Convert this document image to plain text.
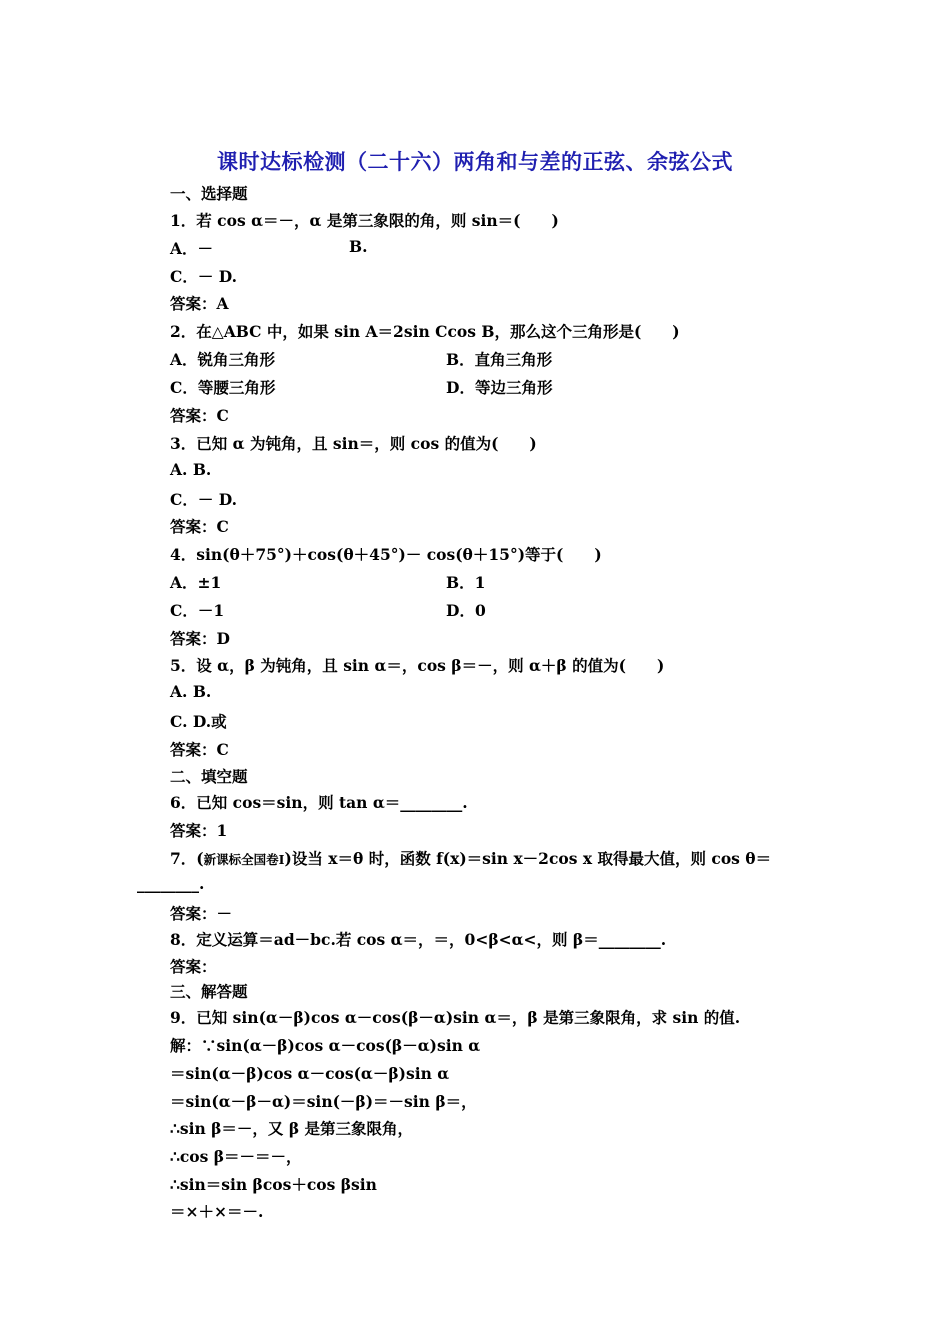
课时达标检测（二十六）两角和与差的正弦、余弦公式
一、选择题
1．若 cos α＝－，α 是第三象限的角，则 sin＝(　　)
A．－	B.
C．－ D.
答案：A
2．在△ABC 中，如果 sin A＝2sin Ccos B，那么这个三角形是(　　)
A．锐角三角形	B．直角三角形
C．等腰三角形	D．等边三角形
答案：C
3．已知 α 为钝角，且 sin＝，则 cos 的值为(　　)
A. B.
C．－ D.
答案：C
4．sin(θ＋75°)＋cos(θ＋45°)－ cos(θ＋15°)等于(　　)
A．±1	B．1
C．－1	D．0
答案：D
5．设 α，β 为钝角，且 sin α＝，cos β＝－，则 α＋β 的值为(　　)
A. B.
C. D.或
答案：C
二、填空题
6．已知 cos＝sin，则 tan α＝________.
答案：1
7．(新课标全国卷Ⅰ)设当 x＝θ 时，函数 f(x)＝sin x－2cos x 取得最大值，则 cos θ＝
________.
答案：－
8．定义运算＝ad－bc.若 cos α＝，＝，0<β<α<，则 β＝________.
答案：
三、解答题
9．已知 sin(α－β)cos α－cos(β－α)sin α＝，β 是第三象限角，求 sin 的值.
解：∵sin(α－β)cos α－cos(β－α)sin α
＝sin(α－β)cos α－cos(α－β)sin α
＝sin(α－β－α)＝sin(－β)＝－sin β＝，
∴sin β＝－，又 β 是第三象限角，
∴cos β＝－＝－，
∴sin＝sin βcos＋cos βsin
＝×＋×＝－.
